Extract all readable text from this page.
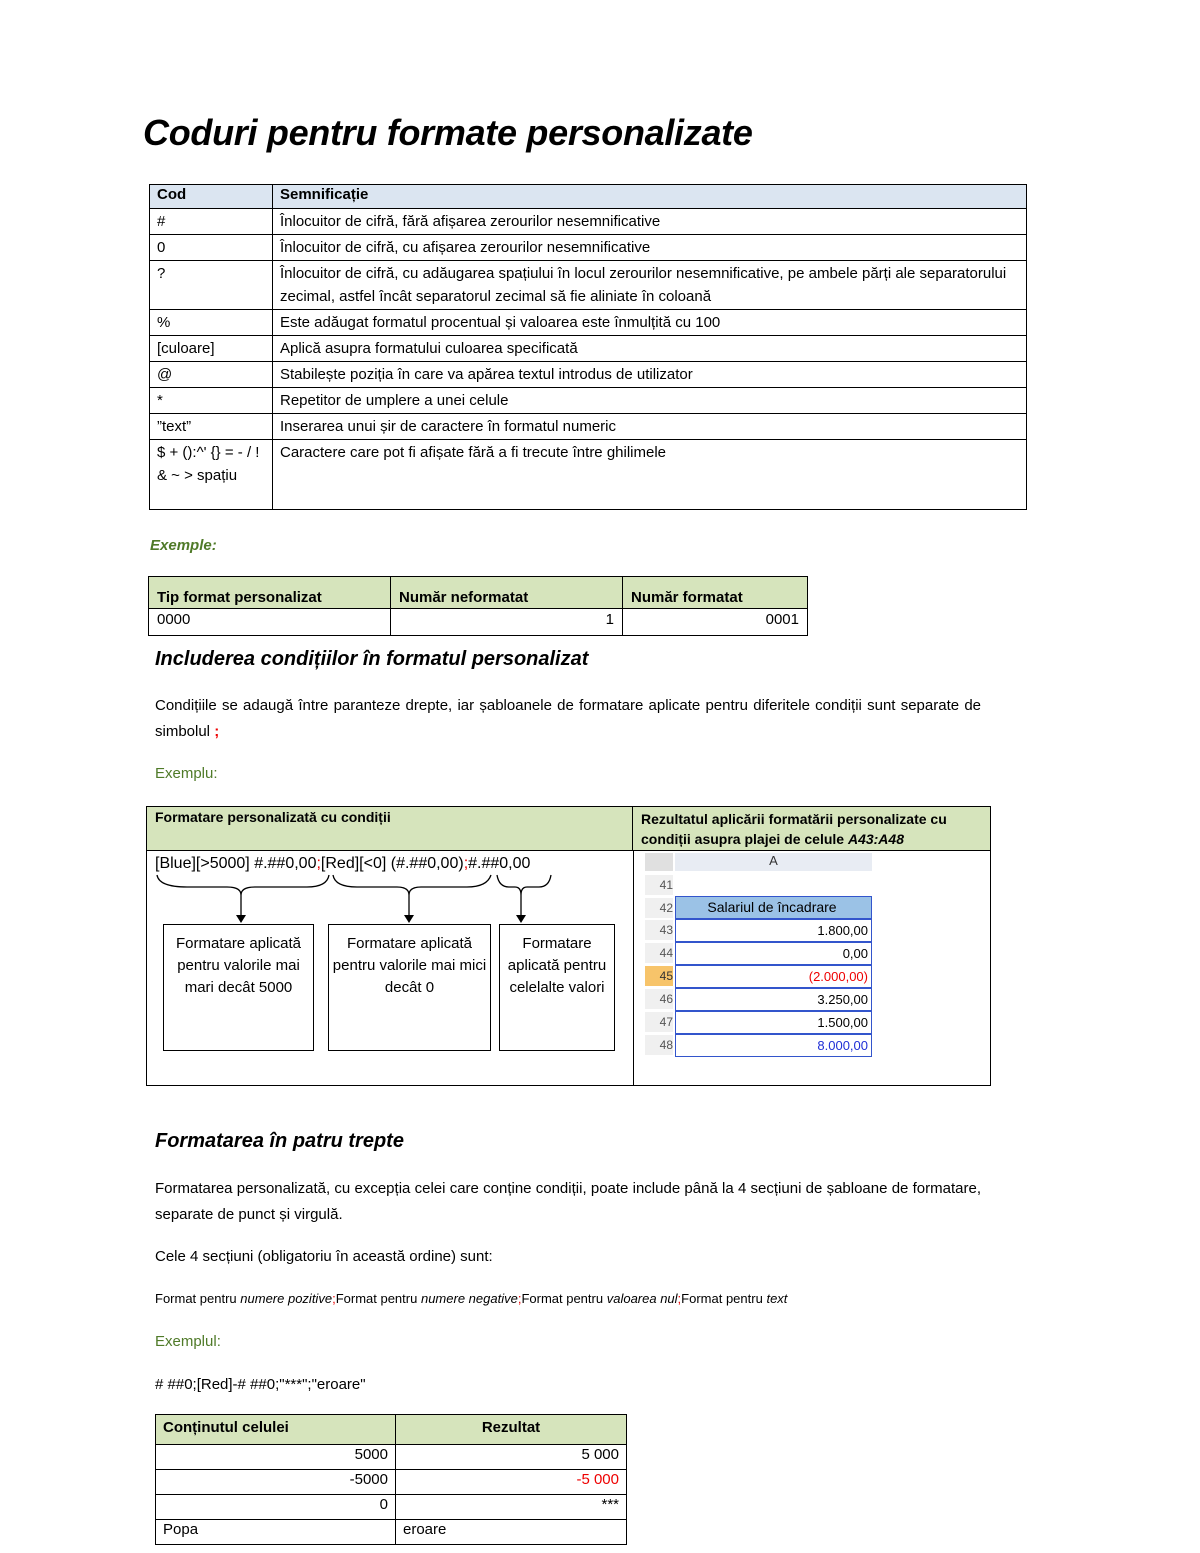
Coduri pentru formate personalizate
Cod	Semnificație
#	Înlocuitor de cifră, fără afișarea zerourilor nesemnificative
0	Înlocuitor de cifră, cu afișarea zerourilor nesemnificative
?	Înlocuitor de cifră, cu adăugarea spațiului în locul zerourilor nesemnificative, pe ambele părți ale separatorului zecimal, astfel încât separatorul zecimal să fie aliniate în coloană
%	Este adăugat formatul procentual și valoarea este înmulțită cu 100
[culoare]	Aplică asupra formatului culoarea specificată
@	Stabilește poziția în care va apărea textul introdus de utilizator
*	Repetitor de umplere a unei celule
”text”	Inserarea unui șir de caractere în formatul numeric
$ + ():^' {} = - / ! & ~ > spațiu	Caractere care pot fi afișate fără a fi trecute între ghilimele
Exemple:
Tip format personalizat	Număr neformatat	Număr formatat
0000	1	0001
Includerea condițiilor în formatul personalizat
Condițiile se adaugă între paranteze drepte, iar șabloanele de formatare aplicate pentru diferitele condiții sunt separate de simbolul ;
Exemplu:
Formatare personalizată cu condiții	Rezultatul aplicării formatării personalizate cu condiții asupra plajei de celule A43:A48
[Blue][>5000] #.##0,00;[Red][<0] (#.##0,00);#.##0,00
Formatare aplicată pentru valorile mai mari decât 5000
Formatare aplicată pentru valorile mai mici decât 0
Formatare aplicată pentru celelalte valori
A
41
42	Salariul de încadrare
43	1.800,00
44	0,00
45	(2.000,00)
46	3.250,00
47	1.500,00
48	8.000,00
Formatarea în patru trepte
Formatarea personalizată, cu excepția celei care conține condiții, poate include până la 4 secțiuni de șabloane de formatare, separate de punct și virgulă.
Cele 4 secțiuni (obligatoriu în această ordine) sunt:
Format pentru numere pozitive;Format pentru numere negative;Format pentru valoarea nul;Format pentru text
Exemplul:
# ##0;[Red]-# ##0;"***";"eroare"
Conținutul celulei	Rezultat
5000	5 000
-5000	-5 000
0	***
Popa	eroare
